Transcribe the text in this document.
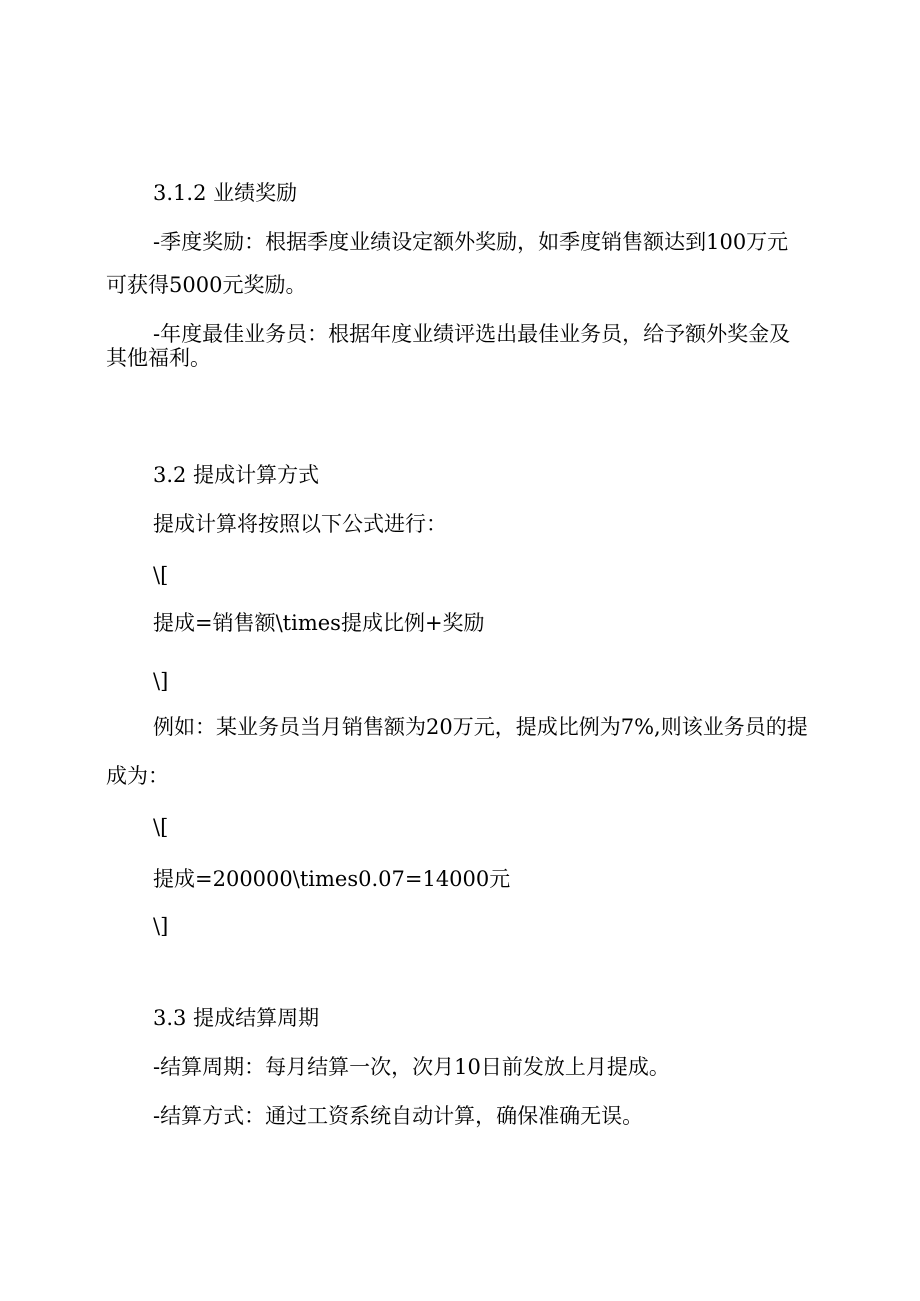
3.1.2 业绩奖励

-季度奖励：根据季度业绩设定额外奖励，如季度销售额达到100万元

可获得5000元奖励。

-年度最佳业务员：根据年度业绩评选出最佳业务员，给予额外奖金及

其他福利。

3.2 提成计算方式

提成计算将按照以下公式进行：

\[

提成=销售额\times提成比例+奖励

\]

例如：某业务员当月销售额为20万元，提成比例为7%,则该业务员的提

成为：

\[

提成=200000\times0.07=14000元

\]

3.3 提成结算周期

-结算周期：每月结算一次，次月10日前发放上月提成。

-结算方式：通过工资系统自动计算，确保准确无误。
